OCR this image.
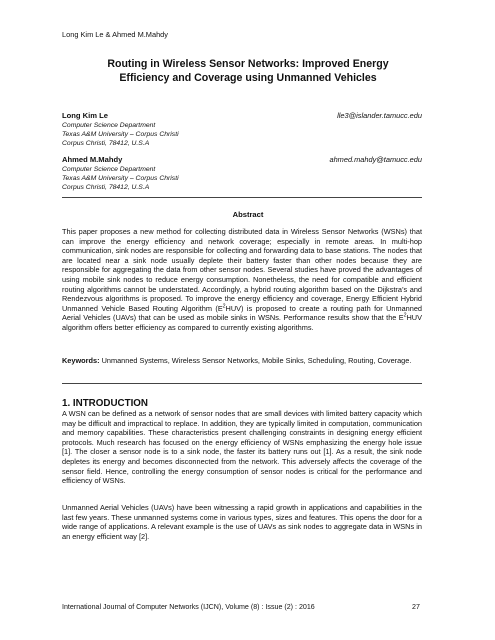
Long Kim Le & Ahmed M.Mahdy
Routing in Wireless Sensor Networks: Improved Energy
Efficiency and Coverage using Unmanned Vehicles
Long Kim Le	lle3@islander.tamucc.edu
Computer Science Department
Texas A&M University – Corpus Christi
Corpus Christi, 78412, U.S.A
Ahmed M.Mahdy	ahmed.mahdy@tamucc.edu
Computer Science Department
Texas A&M University – Corpus Christi
Corpus Christi, 78412, U.S.A
Abstract

This paper proposes a new method for collecting distributed data in Wireless Sensor Networks (WSNs) that can improve the energy efficiency and network coverage; especially in remote areas. In multi-hop communication, sink nodes are responsible for collecting and forwarding data to base stations. The nodes that are located near a sink node usually deplete their battery faster than other nodes because they are responsible for aggregating the data from other sensor nodes. Several studies have proved the advantages of using mobile sink nodes to reduce energy consumption. Nonetheless, the need for compatible and efficient routing algorithms cannot be understated. Accordingly, a hybrid routing algorithm based on the Dijkstra’s and Rendezvous algorithms is proposed. To improve the energy efficiency and coverage, Energy Efficient Hybrid Unmanned Vehicle Based Routing Algorithm $(E^2HUV)$ is proposed to create a routing path for Unmanned Aerial Vehicles (UAVs) that can be used as mobile sinks in WSNs. Performance results show that the $E^2HUV$ algorithm offers better efficiency as compared to currently existing algorithms.

Keywords: Unmanned Systems, Wireless Sensor Networks, Mobile Sinks, Scheduling, Routing, Coverage.

1. INTRODUCTION

A WSN can be defined as a network of sensor nodes that are small devices with limited battery capacity which may be difficult and impractical to replace. In addition, they are typically limited in computation, communication and memory capabilities. These characteristics present challenging constraints in designing energy efficient protocols. Much research has focused on the energy efficiency of WSNs emphasizing the energy hole issue [1]. The closer a sensor node is to a sink node, the faster its battery runs out [1]. As a result, the sink node depletes its energy and becomes disconnected from the network. This adversely affects the coverage of the sensor field. Hence, controlling the energy consumption of sensor nodes is critical for the performance and efficiency of WSNs.

Unmanned Aerial Vehicles (UAVs) have been witnessing a rapid growth in applications and capabilities in the last few years. These unmanned systems come in various types, sizes and features. This opens the door for a wide range of applications. A relevant example is the use of UAVs as sink nodes to aggregate data in WSNs in an energy efficient way [2].

International Journal of Computer Networks (IJCN), Volume (8) : Issue (2) : 2016	27
